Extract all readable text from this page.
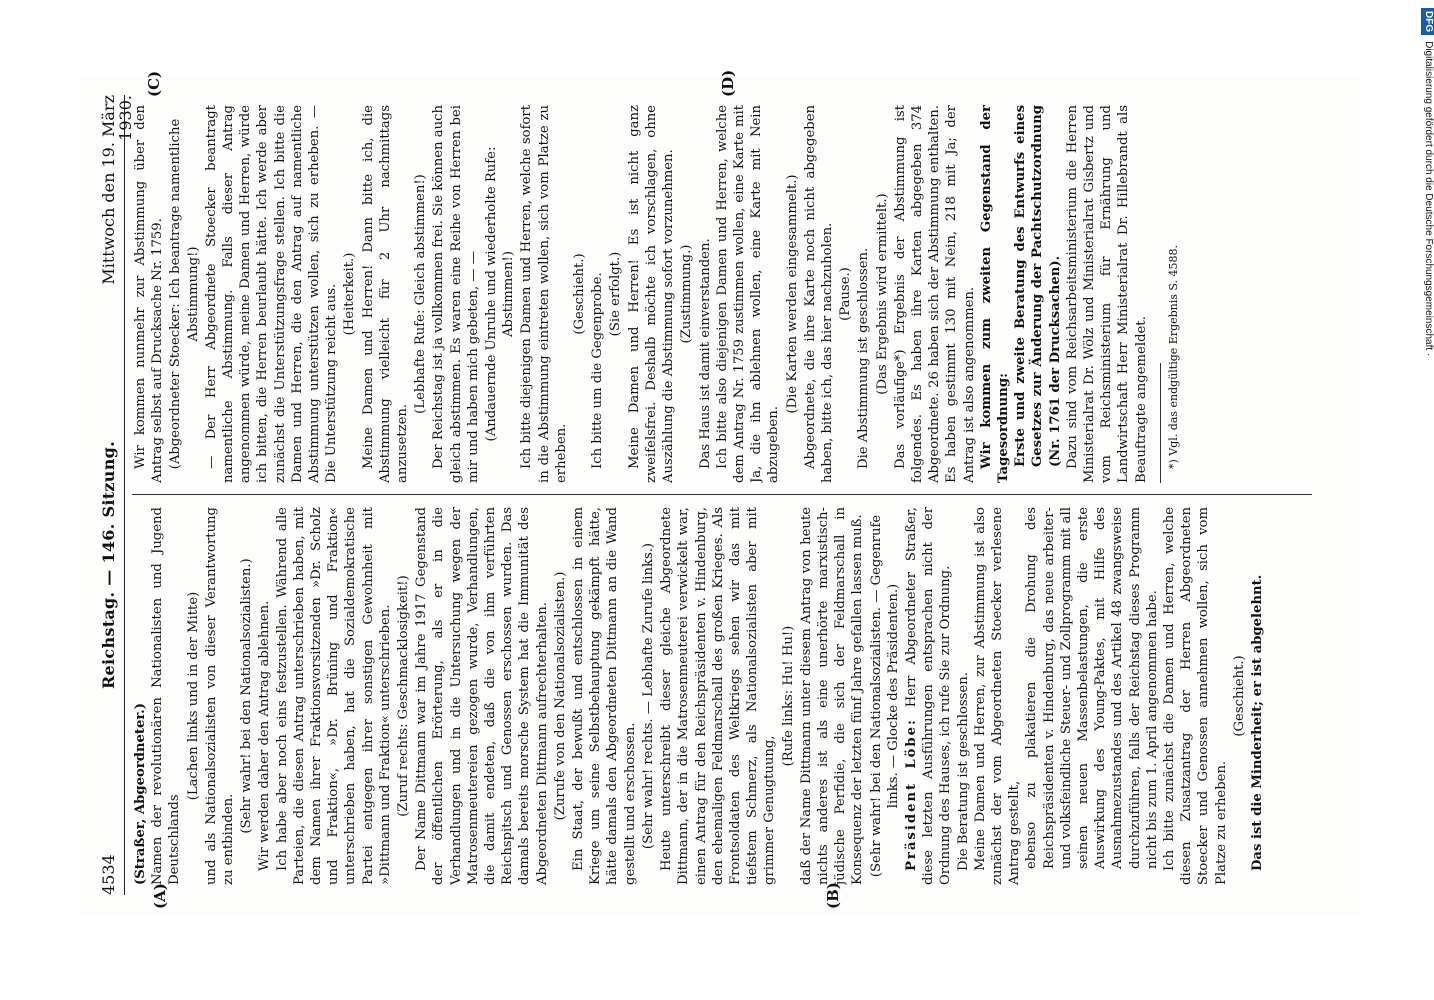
4534
Reichstag. — 146. Sitzung.
Mittwoch den 19. März 1930.
(A)	(B)
(C)	(D)

(Straßer, Abgeordneter.) Namen der revolutionären Nationalisten und Jugend Deutschlands

(Lachen links und in der Mitte) und als Nationalsozialisten von dieser Verantwortung zu entbinden.

(Sehr wahr! bei den Nationalsozialisten.) Wir werden daher den Antrag ablehnen. Ich habe aber noch eins festzustellen. Während alle Parteien, die diesen Antrag unterschrieben haben, mit dem Namen ihrer Fraktionsvorsitzenden »Dr. Scholz und Fraktion«, »Dr. Brüning und Fraktion« unterschrieben haben, hat die Sozialdemokratische Partei entgegen ihrer sonstigen Gewohnheit mit »Dittmann und Fraktion« unterschrieben. (Zuruf rechts: Geschmacklosigkeit!) Der Name Dittmann war im Jahre 1917 Gegenstand der öffentlichen Erörterung, als er in die Verhandlungen und in die Untersuchung wegen der Matrosenmeutereien gezogen wurde, Verhandlungen, die damit endeten, daß die von ihm verführten Reichspitsch und Genossen erschossen wurden. Das damals bereits morsche System hat die Immunität des Abgeordneten Dittmann aufrechterhalten. (Zurufe von den Nationalsozialisten.) Ein Staat, der bewußt und entschlossen in einem Kriege um seine Selbstbehauptung gekämpft hätte, hätte damals den Abgeordneten Dittmann an die Wand gestellt und erschossen. (Sehr wahr! rechts. — Lebhafte Zurufe links.) Heute unterschreibt dieser gleiche Abgeordnete Dittmann, der in die Matrosenmeuterei verwickelt war, einen Antrag für den Reichspräsidenten v. Hindenburg, den ehemaligen Feldmarschall des großen Krieges. Als Frontsoldaten des Weltkriegs sehen wir das mit tiefstem Schmerz, als Nationalsozialisten aber mit grimmer Genugtuung,

(Rufe links: Hu! Hu!) daß der Name Dittmann unter diesem Antrag von heute nichts anderes ist als eine unerhörte marxistisch-jüdische Perfidie, die sich der Feldmarschall in Konsequenz der letzten fünf Jahre gefallen lassen muß. (Sehr wahr! bei den Nationalsozialisten. — Gegenrufe links. — Glocke des Präsidenten.) Präsident Löbe: Herr Abgeordneter Straßer, diese letzten Ausführungen entsprachen nicht der Ordnung des Hauses, ich rufe Sie zur Ordnung. Die Beratung ist geschlossen. Meine Damen und Herren, zur Abstimmung ist also zunächst der vom Abgeordneten Stoecker verlesene Antrag gestellt, ebenso zu plakatieren die Drohung des Reichspräsidenten v. Hindenburg, das neue arbeiter- und volksfeindliche Steuer- und Zollprogramm mit all seinen neuen Massenbelastungen, die erste Auswirkung des Young-Paktes, mit Hilfe des Ausnahmezustandes und des Artikel 48 zwangsweise durchzuführen, falls der Reichstag dieses Programm nicht bis zum 1. April angenommen habe. Ich bitte zunächst die Damen und Herren, welche diesen Zusatzantrag der Herren Abgeordneten Stoecker und Genossen annehmen wollen, sich vom Platze zu erheben.

(Geschieht.) Das ist die Minderheit; er ist abgelehnt.

Wir kommen nunmehr zur Abstimmung über den Antrag selbst auf Drucksache Nr. 1759. (Abgeordneter Stoecker: Ich beantrage namentliche Abstimmung!) — Der Herr Abgeordnete Stoecker beantragt namentliche Abstimmung. Falls dieser Antrag angenommen würde, meine Damen und Herren, würde ich bitten, die Herren beurlaubt hätte. Ich werde aber zunächst die Unterstützungsfrage stellen. Ich bitte die Damen und Herren, die den Antrag auf namentliche Abstimmung unterstützen wollen, sich zu erheben. — Die Unterstützung reicht aus. (Heiterkeit.) Meine Damen und Herren! Dann bitte ich, die Abstimmung vielleicht für 2 Uhr nachmittags anzusetzen.

(Lebhafte Rufe: Gleich abstimmen!) Der Reichstag ist ja vollkommen frei. Sie können auch gleich abstimmen. Es waren eine Reihe von Herren bei mir und haben mich gebeten, — — (Andauernde Unruhe und wiederholte Rufe: Abstimmen!) Ich bitte diejenigen Damen und Herren, welche sofort in die Abstimmung eintreten wollen, sich vom Platze zu erheben.

(Geschieht.) Ich bitte um die Gegenprobe. (Sie erfolgt.) Meine Damen und Herren! Es ist nicht ganz zweifelsfrei. Deshalb möchte ich vorschlagen, ohne Auszählung die Abstimmung sofort vorzunehmen. (Zustimmung.) Das Haus ist damit einverstanden. Ich bitte also diejenigen Damen und Herren, welche dem Antrag Nr. 1759 zustimmen wollen, eine Karte mit Ja, die ihn ablehnen wollen, eine Karte mit Nein abzugeben.

(Die Karten werden eingesammelt.) Abgeordnete, die ihre Karte noch nicht abgegeben haben, bitte ich, das hier nachzuholen. (Pause.) Die Abstimmung ist geschlossen. (Das Ergebnis wird ermittelt.) Das vorläufige*) Ergebnis der Abstimmung ist folgendes. Es haben ihre Karten abgegeben 374 Abgeordnete. 26 haben sich der Abstimmung enthalten. Es haben gestimmt 130 mit Nein, 218 mit Ja; der Antrag ist also angenommen. Wir kommen zum zweiten Gegenstand der Tagesordnung: Erste und zweite Beratung des Entwurfs eines Gesetzes zur Änderung der Pachtschutzordnung (Nr. 1761 der Drucksachen). Dazu sind vom Reichsarbeitsministerium die Herren Ministerialrat Dr. Wölz und Ministerialrat Gisbertz und vom Reichsministerium für Ernährung und Landwirtschaft Herr Ministerialrat Dr. Hillebrandt als Beauftragte angemeldet. *) Vgl. das endgültige Ergebnis S. 4588.

DFGDigitalisierung gefördert durch die Deutsche Forschungsgemeinschaft ·
